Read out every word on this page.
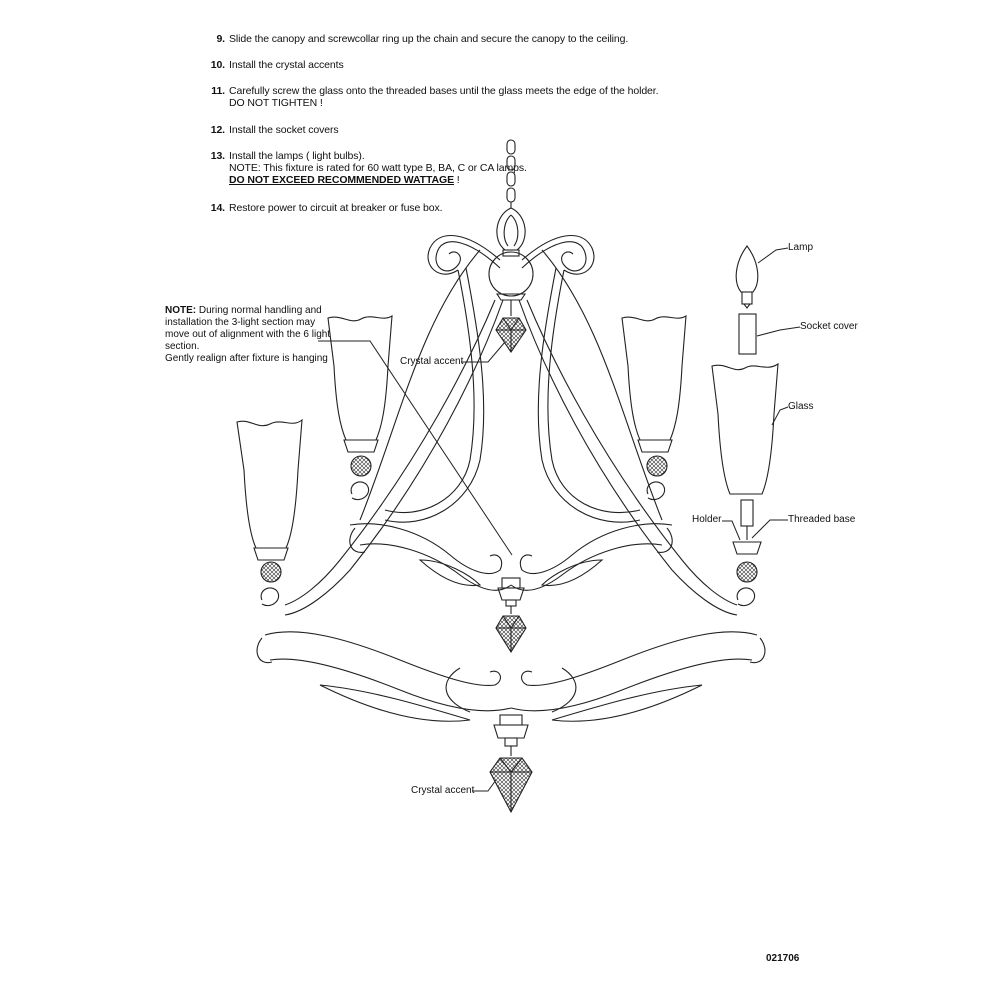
9. Slide the canopy and screwcollar ring up the chain and secure the canopy to the ceiling.
10. Install the crystal accents
11. Carefully screw the glass onto the threaded bases until the glass meets the edge of the holder.
DO NOT TIGHTEN !
12. Install the socket covers
13. Install the lamps ( light bulbs).
NOTE: This fixture is rated for 60 watt type B, BA, C or CA lamps.
DO NOT EXCEED RECOMMENDED WATTAGE !
14. Restore power to circuit at breaker or fuse box.
NOTE: During normal handling and
installation the 3-light section may
move out of alignment with the 6 light
section.
Gently realign after fixture is hanging
Lamp
Socket cover
Glass
Holder	Threaded base
Crystal accent
Crystal accent
021706
